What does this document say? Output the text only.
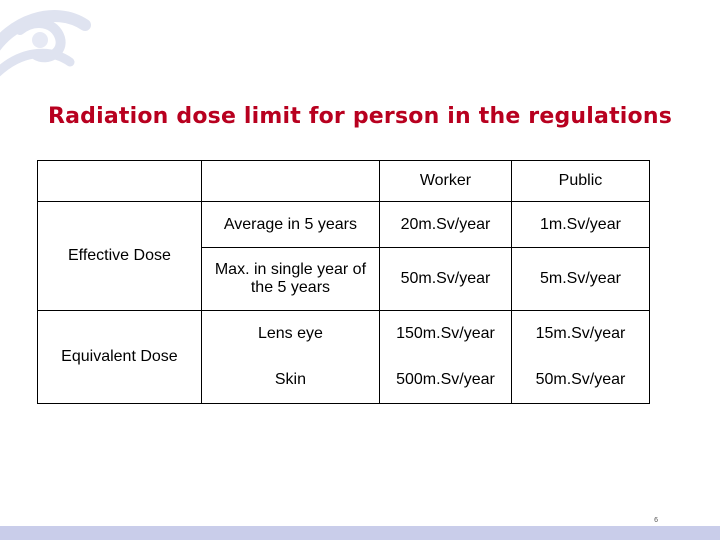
Radiation dose limit for person in the regulations
		Worker	Public
Effective Dose	Average in 5 years	20m.Sv/year	1m.Sv/year
	Max. in single year of the 5 years	50m.Sv/year	5m.Sv/year
Equivalent Dose	Lens eye	150m.Sv/year	15m.Sv/year
	Skin	500m.Sv/year	50m.Sv/year
6
